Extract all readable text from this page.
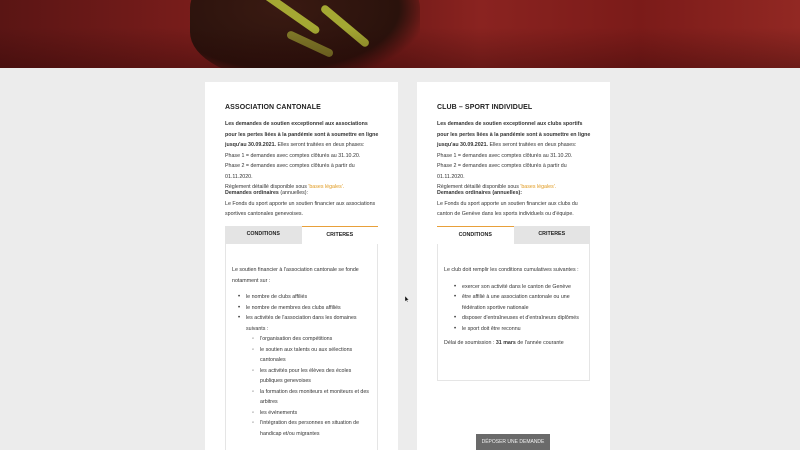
ASSOCIATION CANTONALE
Les demandes de soutien exceptionnel aux associations pour les pertes liées à la pandémie sont à soumettre en ligne jusqu'au 30.09.2021. Elles seront traitées en deux phases:
Phase 1 = demandes avec comptes clôturés au 31.10.20.
Phase 2 = demandes avec comptes clôturés à partir du 01.11.2020.
Règlement détaillé disponible sous 'bases légales'.
Demandes ordinaires (annuelles):
Le Fonds du sport apporte un soutien financier aux associations sportives cantonales genevoises.
CONDITIONS	CRITERES
Le soutien financier à l'association cantonale se fonde notamment sur :
• le nombre de clubs affiliés
• le nombre de membres des clubs affiliés
• les activités de l'association dans les domaines suivants :
◦ l'organisation des compétitions
◦ le soutien aux talents ou aux sélections cantonales
◦ les activités pour les élèves des écoles publiques genevoises
◦ la formation des moniteurs et moniteurs et des arbitres
◦ les événements
◦ l'intégration des personnes en situation de handicap et/ou migrantes
CLUB – SPORT INDIVIDUEL
Les demandes de soutien exceptionnel aux clubs sportifs pour les pertes liées à la pandémie sont à soumettre en ligne jusqu'au 30.09.2021. Elles seront traitées en deux phases:
Phase 1 = demandes avec comptes clôturés au 31.10.20.
Phase 2 = demandes avec comptes clôturés à partir du 01.11.2020.
Règlement détaillé disponible sous 'bases légales'.
Demandes ordinaires (annuelles):
Le Fonds du sport apporte un soutien financier aux clubs du canton de Genève dans les sports individuels ou d'équipe.
CONDITIONS	CRITERES
Le club doit remplir les conditions cumulatives suivantes :
• exercer son activité dans le canton de Genève
• être affilié à une association cantonale ou une fédération sportive nationale
• disposer d'entraîneuses et d'entraîneurs diplômés
• le sport doit être reconnu
Délai de soumission : 31 mars de l'année courante
DÉPOSER UNE DEMANDE
